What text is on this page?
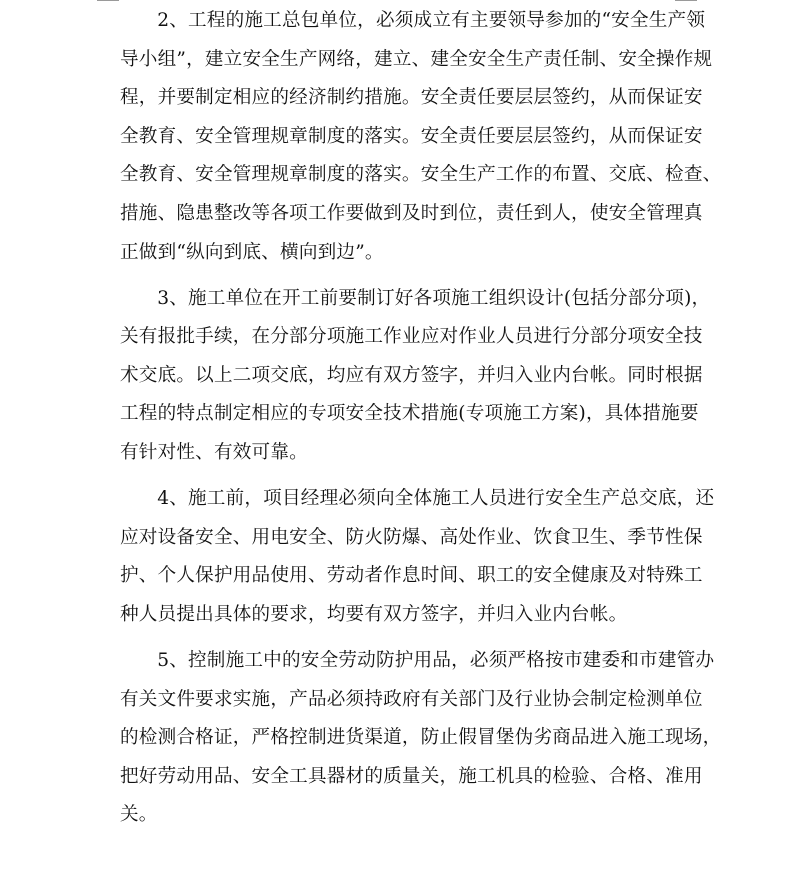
2、工程的施工总包单位，必须成立有主要领导参加的“安全生产领
导小组”，建立安全生产网络，建立、建全安全生产责任制、安全操作规
程，并要制定相应的经济制约措施。安全责任要层层签约，从而保证安
全教育、安全管理规章制度的落实。安全责任要层层签约，从而保证安
全教育、安全管理规章制度的落实。安全生产工作的布置、交底、检查、
措施、隐患整改等各项工作要做到及时到位，责任到人，使安全管理真
正做到“纵向到底、横向到边”。
3、施工单位在开工前要制订好各项施工组织设计(包括分部分项)，
关有报批手续，在分部分项施工作业应对作业人员进行分部分项安全技
术交底。以上二项交底，均应有双方签字，并归入业内台帐。同时根据
工程的特点制定相应的专项安全技术措施(专项施工方案)，具体措施要
有针对性、有效可靠。
4、施工前，项目经理必须向全体施工人员进行安全生产总交底，还
应对设备安全、用电安全、防火防爆、高处作业、饮食卫生、季节性保
护、个人保护用品使用、劳动者作息时间、职工的安全健康及对特殊工
种人员提出具体的要求，均要有双方签字，并归入业内台帐。
5、控制施工中的安全劳动防护用品，必须严格按市建委和市建管办
有关文件要求实施，产品必须持政府有关部门及行业协会制定检测单位
的检测合格证，严格控制进货渠道，防止假冒堡伪劣商品进入施工现场，
把好劳动用品、安全工具器材的质量关，施工机具的检验、合格、准用
关。
